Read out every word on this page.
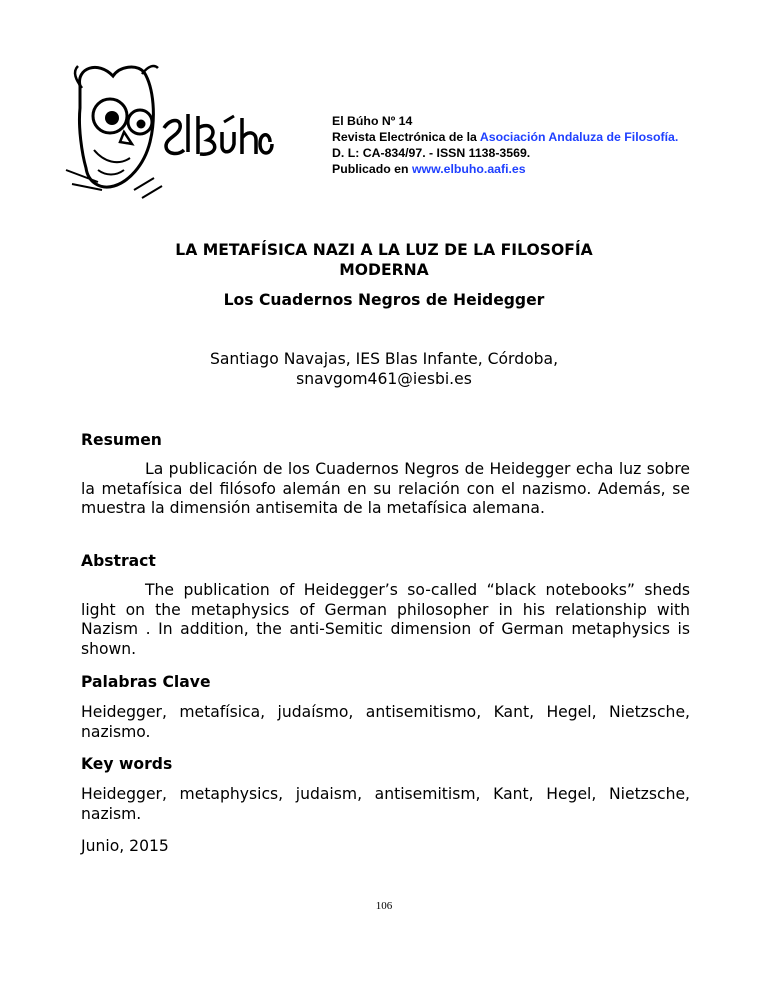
El Búho Nº 14
Revista Electrónica de la Asociación Andaluza de Filosofía.
D. L: CA-834/97. - ISSN 1138-3569.
Publicado en www.elbuho.aafi.es
LA METAFÍSICA NAZI A LA LUZ DE LA FILOSOFÍA
MODERNA
Los Cuadernos Negros de Heidegger
Santiago Navajas, IES Blas Infante, Córdoba,
snavgom461@iesbi.es
Resumen

La publicación de los Cuadernos Negros de Heidegger echa luz sobre la metafísica del filósofo alemán en su relación con el nazismo. Además, se muestra la dimensión antisemita de la metafísica alemana.

Abstract

The publication of Heidegger’s so-called “black notebooks” sheds light on the metaphysics of German philosopher in his relationship with Nazism . In addition, the anti-Semitic dimension of German metaphysics is shown.

Palabras Clave

Heidegger, metafísica, judaísmo, antisemitismo, Kant, Hegel, Nietzsche, nazismo.

Key words

Heidegger, metaphysics, judaism, antisemitism, Kant, Hegel, Nietzsche, nazism.

Junio, 2015

106
